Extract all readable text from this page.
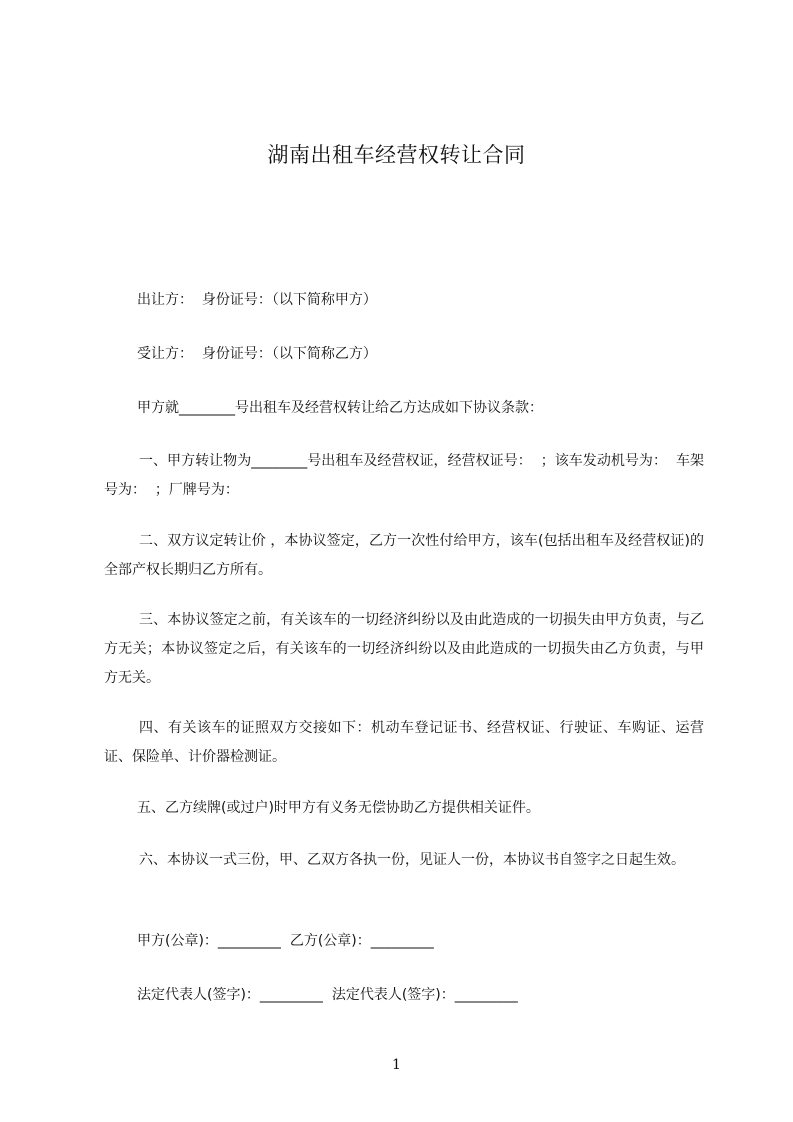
湖南出租车经营权转让合同
出让方：  身份证号：（以下简称甲方）
受让方：  身份证号：（以下简称乙方）
甲方就________号出租车及经营权转让给乙方达成如下协议条款：
一、甲方转让物为________号出租车及经营权证，经营权证号：  ；该车发动机号为：  车架号为：  ；厂牌号为：
二、双方议定转让价 ，本协议签定，乙方一次性付给甲方，该车(包括出租车及经营权证)的全部产权长期归乙方所有。
三、本协议签定之前，有关该车的一切经济纠纷以及由此造成的一切损失由甲方负责，与乙方无关；本协议签定之后，有关该车的一切经济纠纷以及由此造成的一切损失由乙方负责，与甲方无关。
四、有关该车的证照双方交接如下：机动车登记证书、经营权证、行驶证、车购证、运营证、保险单、计价器检测证。
五、乙方续牌(或过户)时甲方有义务无偿协助乙方提供相关证件。
六、本协议一式三份，甲、乙双方各执一份，见证人一份，本协议书自签字之日起生效。
甲方(公章)：_________  乙方(公章)：_________
法定代表人(签字)：_________  法定代表人(签字)：_________
1
